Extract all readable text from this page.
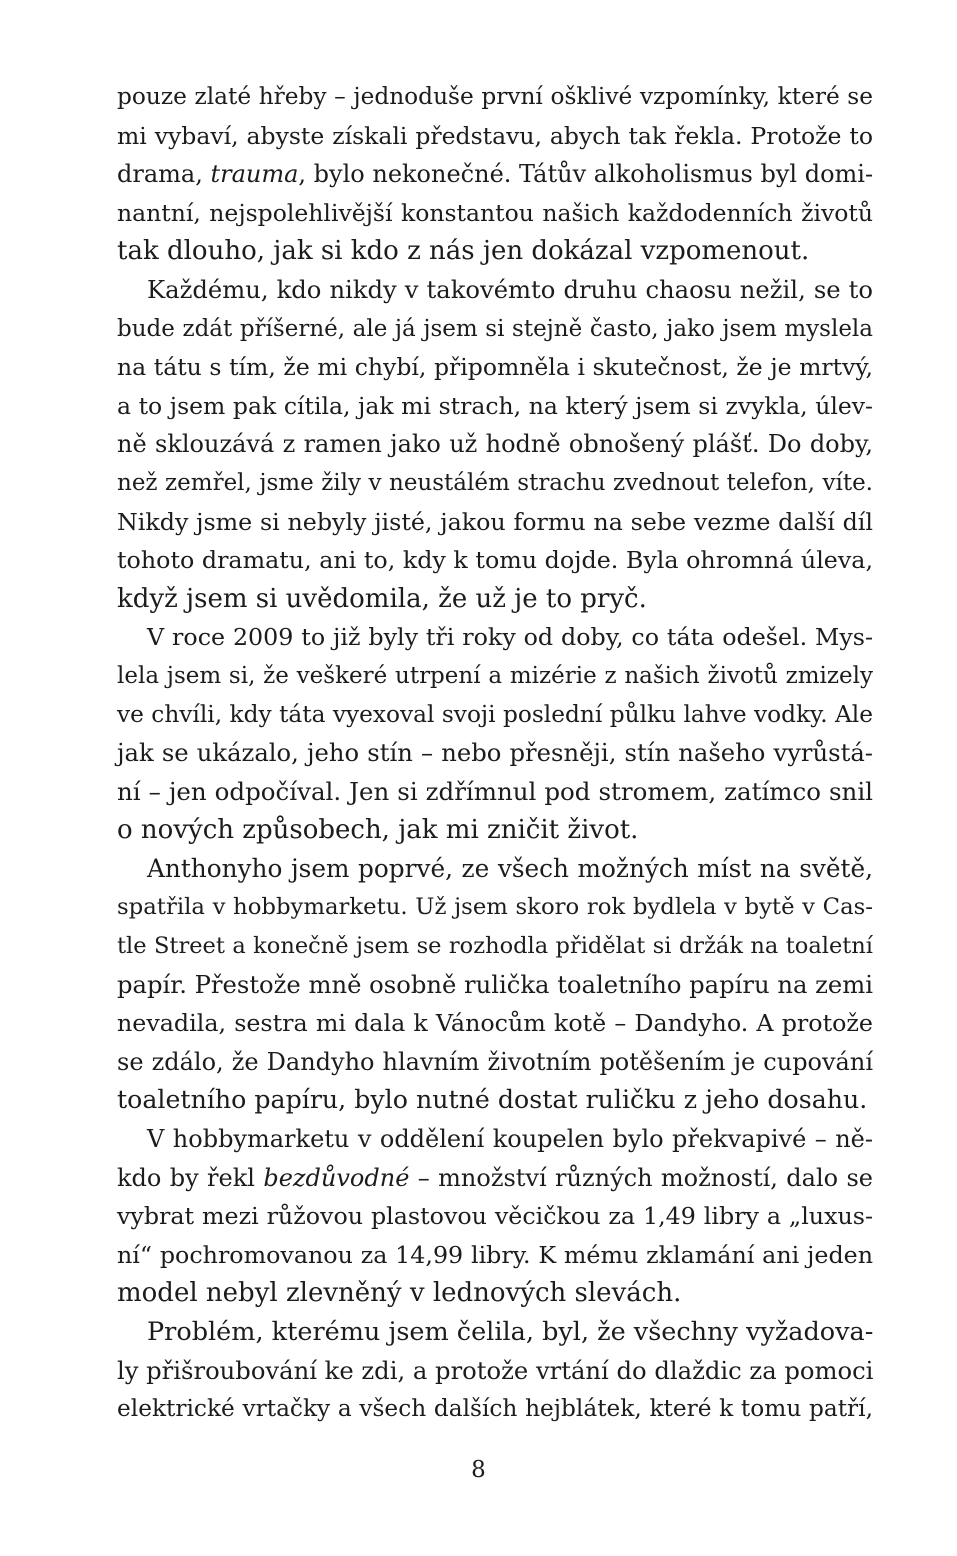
pouze zlaté hřeby – jednoduše první ošklivé vzpomínky, které se
mi vybaví, abyste získali představu, abych tak řekla. Protože to
drama, trauma, bylo nekonečné. Tátův alkoholismus byl domi-
nantní, nejspolehlivější konstantou našich každodenních životů
tak dlouho, jak si kdo z nás jen dokázal vzpomenout.
Každému, kdo nikdy v takovémto druhu chaosu nežil, se to
bude zdát příšerné, ale já jsem si stejně často, jako jsem myslela
na tátu s tím, že mi chybí, připomněla i skutečnost, že je mrtvý,
a to jsem pak cítila, jak mi strach, na který jsem si zvykla, úlev-
ně sklouzává z ramen jako už hodně obnošený plášť. Do doby,
než zemřel, jsme žily v neustálém strachu zvednout telefon, víte.
Nikdy jsme si nebyly jisté, jakou formu na sebe vezme další díl
tohoto dramatu, ani to, kdy k tomu dojde. Byla ohromná úleva,
když jsem si uvědomila, že už je to pryč.
V roce 2009 to již byly tři roky od doby, co táta odešel. Mys-
lela jsem si, že veškeré utrpení a mizérie z našich životů zmizely
ve chvíli, kdy táta vyexoval svoji poslední půlku lahve vodky. Ale
jak se ukázalo, jeho stín – nebo přesněji, stín našeho vyrůstá-
ní – jen odpočíval. Jen si zdřímnul pod stromem, zatímco snil
o nových způsobech, jak mi zničit život.
Anthonyho jsem poprvé, ze všech možných míst na světě,
spatřila v hobbymarketu. Už jsem skoro rok bydlela v bytě v Cas-
tle Street a konečně jsem se rozhodla přidělat si držák na toaletní
papír. Přestože mně osobně rulička toaletního papíru na zemi
nevadila, sestra mi dala k Vánocům kotě – Dandyho. A protože
se zdálo, že Dandyho hlavním životním potěšením je cupování
toaletního papíru, bylo nutné dostat ruličku z jeho dosahu.
V hobbymarketu v oddělení koupelen bylo překvapivé – ně-
kdo by řekl bezdůvodné – množství různých možností, dalo se
vybrat mezi růžovou plastovou věcičkou za 1,49 libry a „luxus-
ní“ pochromovanou za 14,99 libry. K mému zklamání ani jeden
model nebyl zlevněný v lednových slevách.
Problém, kterému jsem čelila, byl, že všechny vyžadova-
ly přišroubování ke zdi, a protože vrtání do dlaždic za pomoci
elektrické vrtačky a všech dalších hejblátek, které k tomu patří,
8
